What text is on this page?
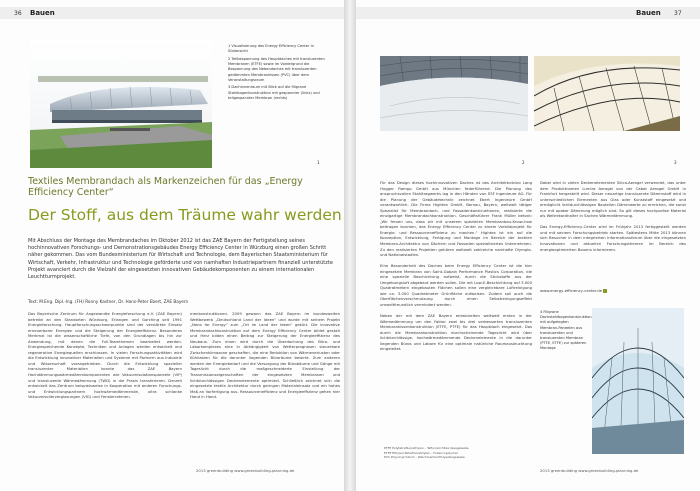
36 Bauen

1 Visualisierung des Energy Efficiency Center in Südansicht

2 Teilbespannung des Hauptdaches mit transluzenten Membranen (ETFE) sowie im Vordergrund die Bespannung des Nebendaches mit transluzenten gedämmten Membrankissen (PVC) über dem Veranstaltungsraum

3 Dachinnenraum mit Blick auf die filigrane Stahlbogenkonstruktion mit gespannter (links) und teilgespannter Membran (rechts)

1
Textiles Membrandach als Markenzeichen für das „Energy Efficiency Center“
Der Stoff, aus dem Träume wahr werden
Mit Abschluss der Montage des Membrandaches im Oktober 2012 ist das ZAE Bayern der Fertigstellung seines hochinnovativen Forschungs- und Demonstrationsgebäudes Energy Efficiency Center in Würzburg einen großen Schritt näher gekommen. Das vom Bundesministerium für Wirtschaft und Technologie, dem Bayerischen Staatsministerium für Wirtschaft, Verkehr, Infrastruktur und Technologie geförderte und von namhaften Industriepartnern finanziell unterstützte Projekt avanciert durch die Vielzahl der eingesetzten innovativen Gebäudekomponenten zu einem internationalen Leuchtturmprojekt.
Text: M.Eng. Dipl.-Ing. (FH) Ronny Kastner, Dr. Hans-Peter Ebert, ZAE Bayern
Das Bayerische Zentrum für Angewandte Energieforschung e.V. (ZAE Bayern) betreibt an den Standorten Würzburg, Erlangen und Garching seit 1991 Energieforschung. Hauptforschungsschwerpunkte sind der verstärkte Einsatz erneuerbarer Energien und die Steigerung der Energieeffizienz. Besonderes Merkmal ist die wissenschaftliche Tiefe, von den Grundlagen bis hin zur Anwendung, mit denen die Full-Teamthemen bearbeitet werden. Energiespeichende Konzepte, Techniken und Anlagen werden entwickelt und regenerative Energiequellen erschlossen. In vielen Forschungsaktivitäten wird die Entwicklung innovativer Materialien und Systeme mit Partnern aus Industrie und Wissenschaft vorangetrieben. Durch die Entwicklung spezieller transluzenter Materialien konnte das ZAE Bayern Hochdämmungswärmedämmkomponenten wie Vakuumisolationspaneele (VIP) und transluzente Wärmedämmung (TWD) in die Praxis transferieren. Derzeit entwickelt das Zentrum beispielsweise in Kooperation mit anderen Forschungs- und Entwicklungspartnern hochwärmedämmende, ultra schlanke Vakuumisolierverglasungen (VIG) und Fensterrahmen.
menkonstruktionen. 2009 gewann das ZAE Bayern im bundesweiten Wettbewerb „Deutschland Land der Ideen“ und wurde mit seinem Projekt „Nano for Energy“ zum „Ort im Land der Ideen“ gekürt. Die innovative Membrandachkonstruktion auf dem Energy Efficiency Center bildet gestalt und Herz bilden einen Beitrag zur Steigerung der Energieeffizienz des Neubaus. Zum einen wird durch die Überdachung des Büro- und Laborkomplexes eine in Abhängigkeit von Wetterprognosen steuerbare Zwischenklimazone geschaffen, die eine Reduktion von Wärmeverlusten oder Kühllasten für die darunter liegenden Büroräume bewirkt. Zum anderen werden der Energiebedarf und die Versorgung der Bürobäume und Gänge mit Tageslicht durch die maßgeschneiderte Einstellung der Transmissionseigenschaften der eingesetzten Membranen und lichtdurchlässigen Deckenelemente optimiert. Schließlich zeichnet sich die eingesetzte textile Architektur durch geringen Materialeinsatz und ein hohes Maß an Vorfertigung aus. Ressourceneffizienz und Energieeffizienz gehen hier Hand in Hand.
2013 greenbuilding www.greenbuilding-planning.de
Bauen 37
2	3
Für das Design dieses hochinnovativen Daches ist das Architekturbüro Lang Hugger Rampp GmbH aus München federführend. Die Planung des anspruchsvollen Stahltragwerks lag in den Händen von SSF Ingenieure AG. Für die Planung der Gebäudetechnik zeichnet Ebert Ingenieure GmbH verantwortlich. Die Firma Hightex GmbH, Bernau, Bayern, weltweit tätiger Spezialist für Membrandach- und Fassadenkonstruktionen, realisierte die einzigartige Membrandachkonstruktion. Geschäftsführer Frank Müller betont: „Wir freuen uns, dass wir mit unserem speziellen Membranbau-Know-how beitragen konnten, das Energy Efficiency Center zu einem Vorbildprojekt für Energie- und Ressourceneffizienz zu machen.“ Hightex ist ein auf die Konzeption, Entwicklung, Fertigung und Montage im Bereich der textilen Membran-Architektur von Dächern und Fassaden spezialisiertes Unternehmen. Zu den realisierten Projekten gehören weltweit zahlreiche namhafte Olympia- und Nationalstadien.

Eine Besonderheit des Daches beim Energy Efficiency Center ist die hier eingesetzte Membran von Saint-Gobain Performance Plastics Corporation, die eine spezielle Beschichtung aufweist, durch die Stickstoffe aus der Umgebungsluft abgebaut werden sollen. Die mit Low-E-Beschichtung auf 3.000 Quadratmetern eingebauten Flächen sollen eine vergleichbare Luftreinigung wie ca. 3.000 Quadratmeter Grünfläche aufweisen. Zudem soll auch die Oberflächenverschmutzung durch einen Selbstreinigungseffekt umweltfreundlich vermindert werden.

Neben der mit dem ZAE Bayern entwickelten weltweit ersten in der Wärmedämmung um den Faktor zwei bis drei verbesserten transluzenten Membrankissenkonstruktion (ETFE, PTFE) für das Hauptdach eingesetzt. Das durch die Membrankonstruktion durchscheinende Tageslicht wird über lichtdurchlässige, hochwärmedämmende Deckenelemente in die darunter liegenden Büros und Labore für eine optimale natürliche Raumausleuchtung eingeleitet.
Dabei wird in vielen Deckenelementen Silica-Aerogel verwendet, das unter dem Produktnamen Lumira Aerogel von der Cabot Aerogel GmbH in Frankfurt hergestellt wird. Dieser neuartige transluzente Dämmstoff wird in unterschiedlichen Elementen aus Glas oder Kunststoff eingesetzt und ermöglicht lichtdurchlässigen Bauteilen Dämmwerte zu erreichen, die sonst nur mit opaker Dämmung möglich sind. So gilt dieses hochporöse Material als Weltrekordhalter in Sachen Wärmedämmung.

Das Energy-Efficiency-Center wird im Frühjahr 2013 fertiggestellt werden und mit seinem Forschungsbetrieb starten. Spätestens Mitte 2013 können sich Besucher in dem integrierten Informationsforum über die eingesetzten Innovationen und aktuellen Forschungsthemen im Bereich des energieoptimierten Bauens informieren.
www.energy-efficiency-center.de
4 Filigrane Dachstahlbogenkonstruktion mit aufgelegten Membran-Paneelen aus transluzenten und transluzenten Membran (PTFE, ETFE) zur späteren Montage
PTFE Polytetrafluorethylen – Teflon/Architex Glasgewebe
ETFE Ethylen-Tetrafluorethylen – Foliencopolymer
PVC Polyvinylchlorid – Weichmacher/Polyestergewebe
2013 greenbuilding www.greenbuilding-planning.de
